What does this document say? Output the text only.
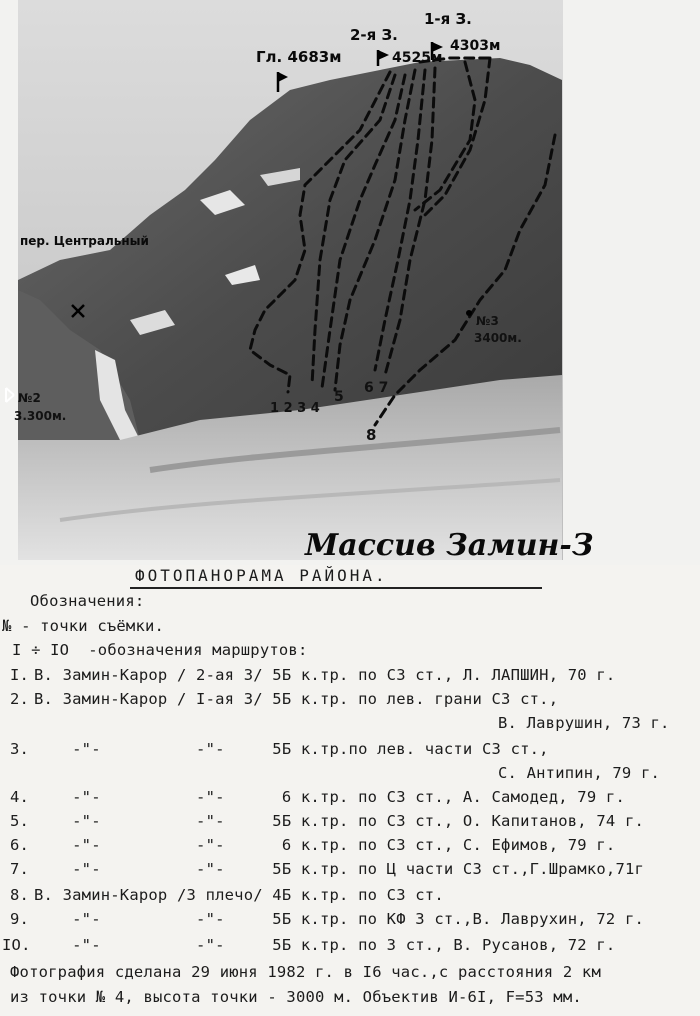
Гл. 4683м
2-я З.
4525м
1-я З.
4303м
пер. Центральный
№3
3400м.
№2
3.300м.	1 2 3 4
5
6 7
8
Массив Замин-З
ФОТОПАНОРАМА РАЙОНА.
Обозначения:
№ - точки съёмки.
I ÷ IO  -обозначения маршрутов:
I. В. Замин-Карор / 2-ая З/ 5Б к.тр. по СЗ ст., Л. ЛАПШИН, 70 г.
2. В. Замин-Карор / I-ая З/ 5Б к.тр. по лев. грани СЗ ст.,
В. Лаврушин, 73 г.
3. -"-          -"-     5Б к.тр.по лев. части СЗ ст.,
С. Антипин, 79 г.
4. -"-          -"-      6 к.тр. по СЗ ст., А. Самодед, 79 г.
5. -"-          -"-     5Б к.тр. по СЗ ст., О. Капитанов, 74 г.
6. -"-          -"-      6 к.тр. по СЗ ст., С. Ефимов, 79 г.
7. -"-          -"-     5Б к.тр. по Ц части СЗ ст.,Г.Шрамко,71г
8. В. Замин-Карор /З плечо/ 4Б к.тр. по СЗ ст.
9. -"-          -"-     5Б к.тр. по КФ З ст.,В. Лаврухин, 72 г.
IO. -"-          -"-     5Б к.тр. по З ст., В. Русанов, 72 г.
Фотография сделана 29 июня 1982 г. в I6 час.,с расстояния 2 км
из точки № 4, высота точки - 3000 м. Объектив И-6I, F=53 мм.
